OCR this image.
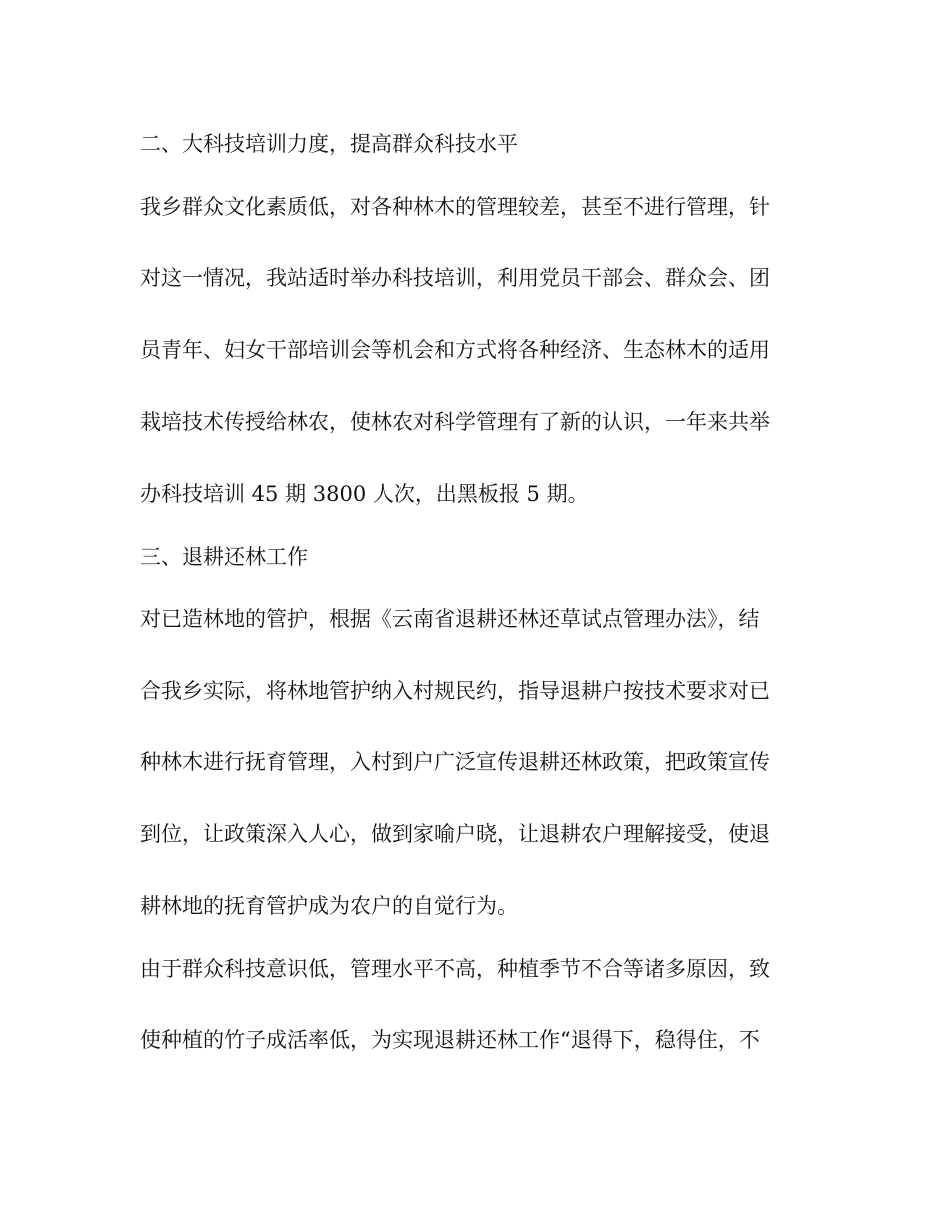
二、大科技培训力度，提高群众科技水平
我乡群众文化素质低，对各种林木的管理较差，甚至不进行管理，针
对这一情况，我站适时举办科技培训，利用党员干部会、群众会、团
员青年、妇女干部培训会等机会和方式将各种经济、生态林木的适用
栽培技术传授给林农，使林农对科学管理有了新的认识，一年来共举
办科技培训 45 期 3800 人次，出黑板报 5 期。
三、退耕还林工作
对已造林地的管护，根据《云南省退耕还林还草试点管理办法》，结
合我乡实际，将林地管护纳入村规民约，指导退耕户按技术要求对已
种林木进行抚育管理，入村到户广泛宣传退耕还林政策，把政策宣传
到位，让政策深入人心，做到家喻户晓，让退耕农户理解接受，使退
耕林地的抚育管护成为农户的自觉行为。
由于群众科技意识低，管理水平不高，种植季节不合等诸多原因，致
使种植的竹子成活率低，为实现退耕还林工作“退得下，稳得住，不
